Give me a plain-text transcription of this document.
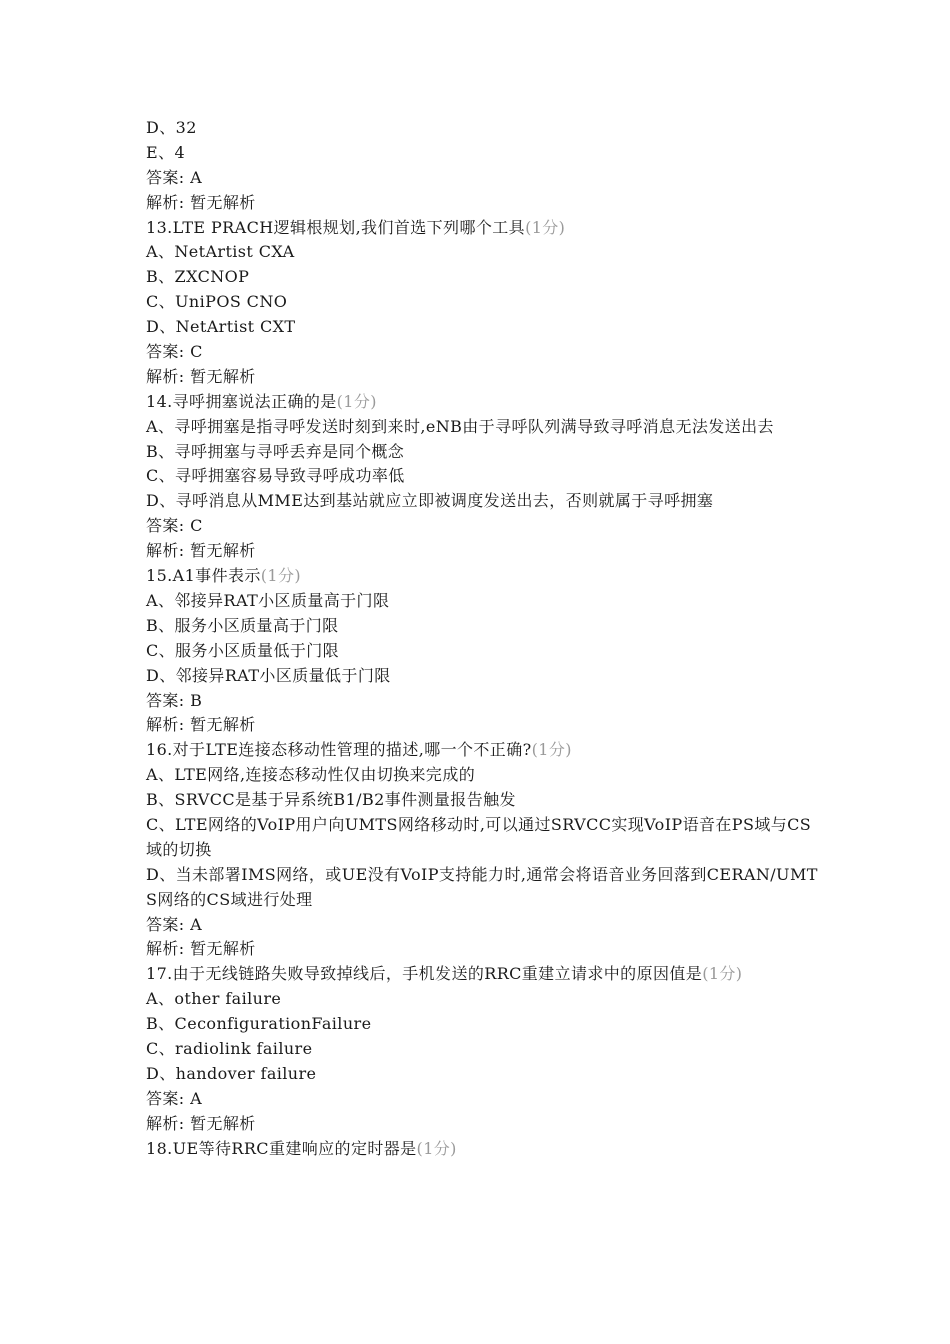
D、32
E、4
答案: A
解析: 暂无解析
13.LTE PRACH逻辑根规划,我们首选下列哪个工具(1分)
A、NetArtist CXA
B、ZXCNOP
C、UniPOS CNO
D、NetArtist CXT
答案: C
解析: 暂无解析
14.寻呼拥塞说法正确的是(1分)
A、寻呼拥塞是指寻呼发送时刻到来时,eNB由于寻呼队列满导致寻呼消息无法发送出去
B、寻呼拥塞与寻呼丢弃是同个概念
C、寻呼拥塞容易导致寻呼成功率低
D、寻呼消息从MME达到基站就应立即被调度发送出去，否则就属于寻呼拥塞
答案: C
解析: 暂无解析
15.A1事件表示(1分)
A、邻接异RAT小区质量高于门限
B、服务小区质量高于门限
C、服务小区质量低于门限
D、邻接异RAT小区质量低于门限
答案: B
解析: 暂无解析
16.对于LTE连接态移动性管理的描述,哪一个不正确?(1分)
A、LTE网络,连接态移动性仅由切换来完成的
B、SRVCC是基于异系统B1/B2事件测量报告触发
C、LTE网络的VoIP用户向UMTS网络移动时,可以通过SRVCC实现VoIP语音在PS域与CS域的切换
D、当未部署IMS网络，或UE没有VoIP支持能力时,通常会将语音业务回落到CERAN/UMTS网络的CS域进行处理
答案: A
解析: 暂无解析
17.由于无线链路失败导致掉线后，手机发送的RRC重建立请求中的原因值是(1分)
A、other failure
B、CeconfigurationFailure
C、radiolink failure
D、handover failure
答案: A
解析: 暂无解析
18.UE等待RRC重建响应的定时器是(1分)
